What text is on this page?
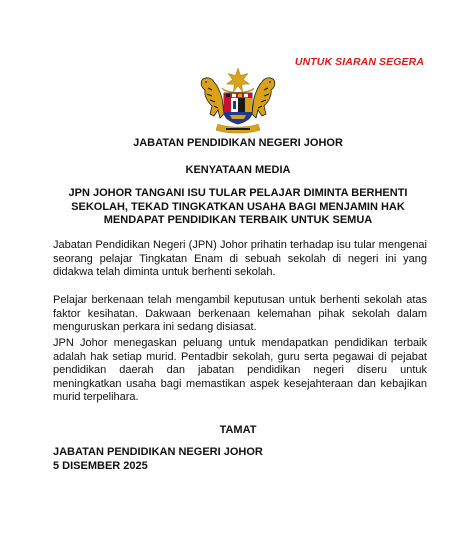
UNTUK SIARAN SEGERA
JABATAN PENDIDIKAN NEGERI JOHOR
KENYATAAN MEDIA
JPN JOHOR TANGANI ISU TULAR PELAJAR DIMINTA BERHENTI
SEKOLAH, TEKAD TINGKATKAN USAHA BAGI MENJAMIN HAK
MENDAPAT PENDIDIKAN TERBAIK UNTUK SEMUA
Jabatan Pendidikan Negeri (JPN) Johor prihatin terhadap isu tular mengenai seorang pelajar Tingkatan Enam di sebuah sekolah di negeri ini yang didakwa telah diminta untuk berhenti sekolah.
Pelajar berkenaan telah mengambil keputusan untuk berhenti sekolah atas faktor kesihatan. Dakwaan berkenaan kelemahan pihak sekolah dalam menguruskan perkara ini sedang disiasat.
JPN Johor menegaskan peluang untuk mendapatkan pendidikan terbaik adalah hak setiap murid. Pentadbir sekolah, guru serta pegawai di pejabat pendidikan daerah dan jabatan pendidikan negeri diseru untuk meningkatkan usaha bagi memastikan aspek kesejahteraan dan kebajikan murid terpelihara.
TAMAT
JABATAN PENDIDIKAN NEGERI JOHOR
5 DISEMBER 2025
